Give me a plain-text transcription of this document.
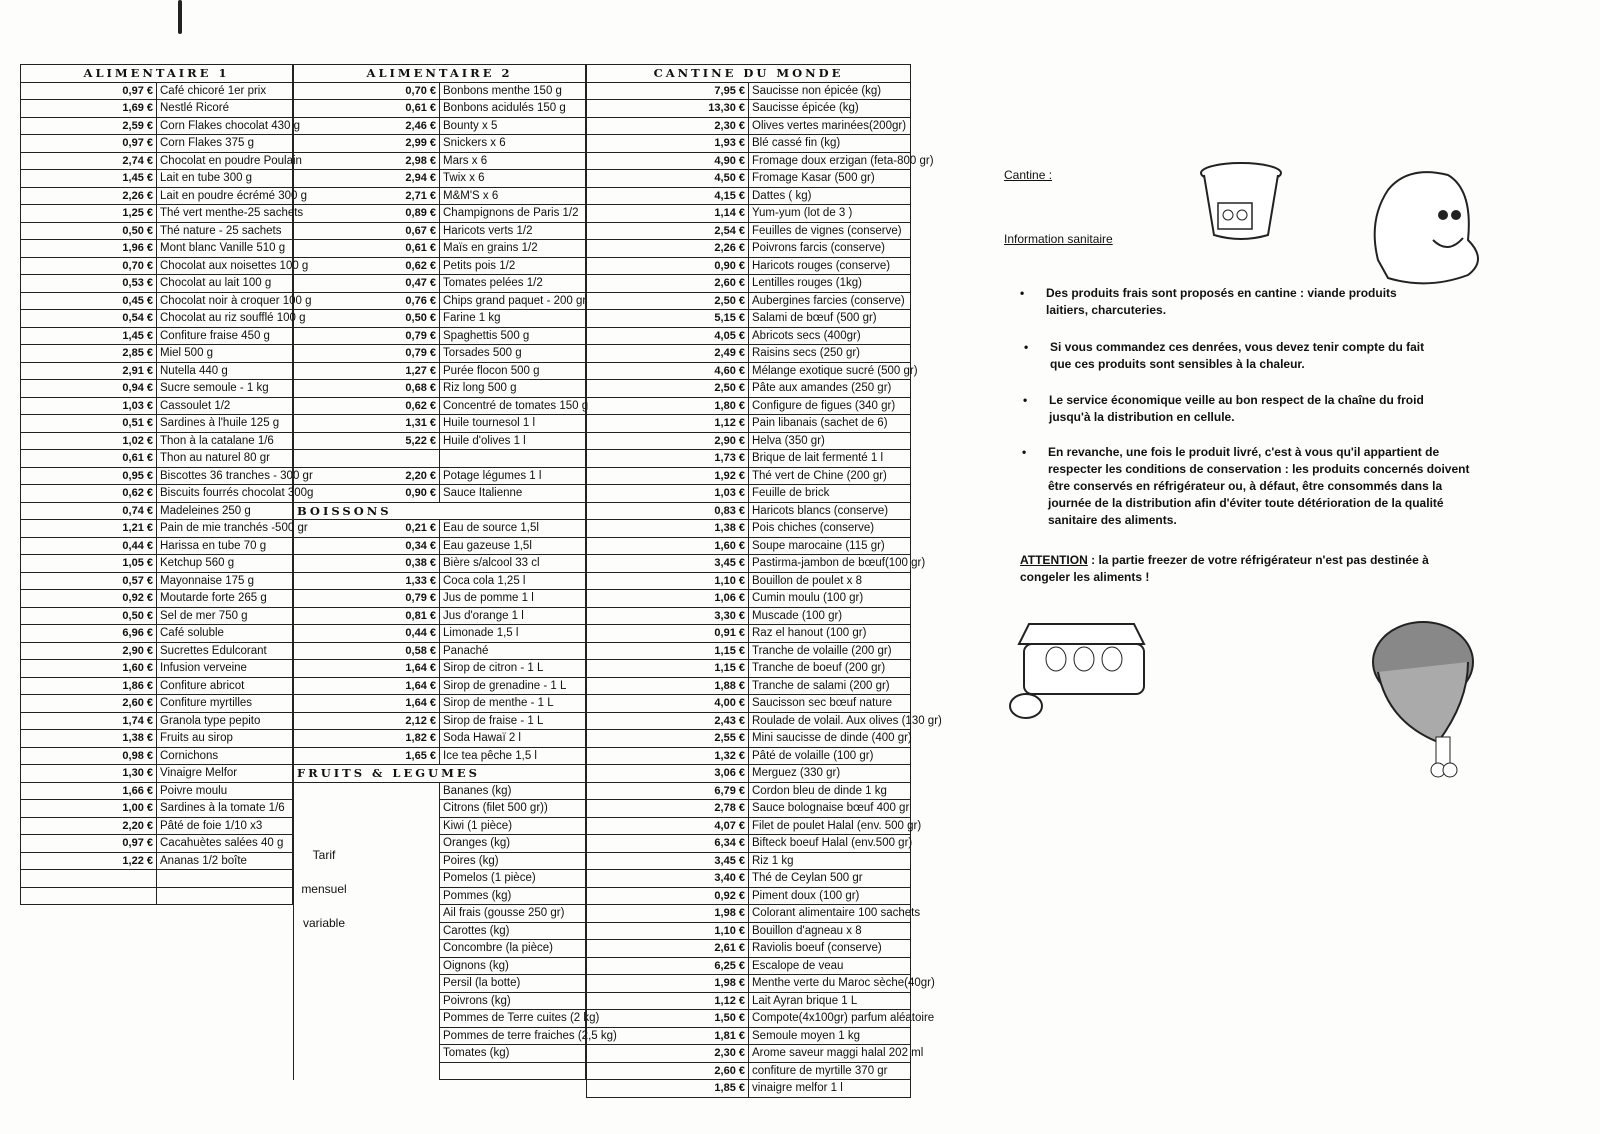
ALIMENTAIRE 1	
0,97 €	Café chicoré 1er prix
1,69 €	Nestlé Ricoré
2,59 €	Corn Flakes chocolat 430 g
0,97 €	Corn Flakes 375 g
2,74 €	Chocolat en poudre Poulain
1,45 €	Lait en tube 300 g
2,26 €	Lait en poudre écrémé 300 g
1,25 €	Thé vert menthe-25 sachets
0,50 €	Thé nature - 25 sachets
1,96 €	Mont blanc Vanille 510 g
0,70 €	Chocolat aux noisettes 100 g
0,53 €	Chocolat au lait 100 g
0,45 €	Chocolat noir à croquer 100 g
0,54 €	Chocolat au riz soufflé 100 g
1,45 €	Confiture fraise 450 g
2,85 €	Miel 500 g
2,91 €	Nutella 440 g
0,94 €	Sucre semoule - 1 kg
1,03 €	Cassoulet 1/2
0,51 €	Sardines à l'huile 125 g
1,02 €	Thon à la catalane 1/6
0,61 €	Thon au naturel 80 gr
0,95 €	Biscottes 36 tranches - 300 gr
0,62 €	Biscuits fourrés chocolat 300g
0,74 €	Madeleines 250 g
1,21 €	Pain de mie tranchés -500 gr
0,44 €	Harissa en tube 70 g
1,05 €	Ketchup 560 g
0,57 €	Mayonnaise 175 g
0,92 €	Moutarde forte 265 g
0,50 €	Sel de mer 750 g
6,96 €	Café soluble
2,90 €	Sucrettes Edulcorant
1,60 €	Infusion verveine
1,86 €	Confiture abricot
2,60 €	Confiture myrtilles
1,74 €	Granola type pepito
1,38 €	Fruits au sirop
0,98 €	Cornichons
1,30 €	Vinaigre Melfor
1,66 €	Poivre moulu
1,00 €	Sardines à la tomate 1/6
2,20 €	Pâté de foie 1/10 x3
0,97 €	Cacahuètes salées 40 g
1,22 €	Ananas 1/2 boîte

ALIMENTAIRE 2	
0,70 €	Bonbons menthe 150 g
0,61 €	Bonbons acidulés 150 g
2,46 €	Bounty x 5
2,99 €	Snickers x 6
2,98 €	Mars x 6
2,94 €	Twix x 6
2,71 €	M&M'S x 6
0,89 €	Champignons de Paris 1/2
0,67 €	Haricots verts 1/2
0,61 €	Maïs en grains 1/2
0,62 €	Petits pois 1/2
0,47 €	Tomates pelées 1/2
0,76 €	Chips grand paquet - 200 gr
0,50 €	Farine 1 kg
0,79 €	Spaghettis 500 g
0,79 €	Torsades 500 g
1,27 €	Purée flocon 500 g
0,68 €	Riz long 500 g
0,62 €	Concentré de tomates 150 g
1,31 €	Huile tournesol 1 l
5,22 €	Huile d'olives 1 l

2,20 €	Potage légumes 1 l
0,90 €	Sauce Italienne
BOISSONS	
0,21 €	Eau de source 1,5l
0,34 €	Eau gazeuse 1,5l
0,38 €	Bière s/alcool 33 cl
1,33 €	Coca cola 1,25 l
0,79 €	Jus de pomme 1 l
0,81 €	Jus d'orange 1 l
0,44 €	Limonade 1,5 l
0,58 €	Panaché
1,64 €	Sirop de citron - 1 L
1,64 €	Sirop de grenadine - 1 L
1,64 €	Sirop de menthe - 1 L
2,12 €	Sirop de fraise - 1 L
1,82 €	Soda Hawaï 2 l
1,65 €	Ice tea pêche 1,5 l
FRUITS & LEGUMES	
	Bananes (kg)
	Citrons (filet 500 gr))
	Kiwi (1 pièce)
	Oranges (kg)
	Poires (kg)
	Pomelos (1 pièce)
	Pommes (kg)
	Ail frais (gousse 250 gr)
	Carottes (kg)
	Concombre (la pièce)
	Oignons (kg)
	Persil (la botte)
	Poivrons (kg)
	Pommes de Terre cuites (2 kg)
	Pommes de terre fraiches (2,5 kg)
	Tomates (kg)

CANTINE DU MONDE	
7,95 €	Saucisse non épicée (kg)
13,30 €	Saucisse épicée (kg)
2,30 €	Olives vertes marinées(200gr)
1,93 €	Blé cassé fin (kg)
4,90 €	Fromage doux erzigan (feta-800 gr)
4,50 €	Fromage Kasar (500 gr)
4,15 €	Dattes ( kg)
1,14 €	Yum-yum (lot de 3 )
2,54 €	Feuilles de vignes (conserve)
2,26 €	Poivrons farcis (conserve)
0,90 €	Haricots rouges (conserve)
2,60 €	Lentilles rouges (1kg)
2,50 €	Aubergines farcies (conserve)
5,15 €	Salami de bœuf (500 gr)
4,05 €	Abricots secs (400gr)
2,49 €	Raisins secs (250 gr)
4,60 €	Mélange exotique sucré (500 gr)
2,50 €	Pâte aux amandes (250 gr)
1,80 €	Configure de figues (340 gr)
1,12 €	Pain libanais (sachet de 6)
2,90 €	Helva (350 gr)
1,73 €	Brique de lait fermenté 1 l
1,92 €	Thé vert de Chine (200 gr)
1,03 €	Feuille de brick
0,83 €	Haricots blancs (conserve)
1,38 €	Pois chiches (conserve)
1,60 €	Soupe marocaine (115 gr)
3,45 €	Pastirma-jambon de bœuf(100 gr)
1,10 €	Bouillon de poulet x 8
1,06 €	Cumin moulu (100 gr)
3,30 €	Muscade (100 gr)
0,91 €	Raz el hanout (100 gr)
1,15 €	Tranche de volaille (200 gr)
1,15 €	Tranche de boeuf (200 gr)
1,88 €	Tranche de salami (200 gr)
4,00 €	Saucisson sec bœuf nature
2,43 €	Roulade de volail. Aux olives (130 gr)
2,55 €	Mini saucisse de dinde (400 gr)
1,32 €	Pâté de volaille (100 gr)
3,06 €	Merguez (330 gr)
6,79 €	Cordon bleu de dinde 1 kg
2,78 €	Sauce bolognaise bœuf 400 gr
4,07 €	Filet de poulet Halal (env. 500 gr)
6,34 €	Bifteck boeuf Halal (env.500 gr)
3,45 €	Riz 1 kg
3,40 €	Thé de Ceylan 500 gr
0,92 €	Piment doux (100 gr)
1,98 €	Colorant alimentaire 100 sachets
1,10 €	Bouillon d'agneau x 8
2,61 €	Raviolis boeuf (conserve)
6,25 €	Escalope de veau
1,98 €	Menthe verte du Maroc sèche(40gr)
1,12 €	Lait Ayran brique 1 L
1,50 €	Compote(4x100gr) parfum aléatoire
1,81 €	Semoule moyen 1 kg
2,30 €	Arome saveur maggi halal 202 ml
2,60 €	confiture de myrtille 370 gr
1,85 €	vinaigre melfor 1 l
Cantine :
Information sanitaire
• Des produits frais sont proposés en cantine : viande produits laitiers, charcuteries.
• Si vous commandez ces denrées, vous devez tenir compte du fait que ces produits sont sensibles à la chaleur.
• Le service économique veille au bon respect de la chaîne du froid jusqu'à la distribution en cellule.
• En revanche, une fois le produit livré, c'est à vous qu'il appartient de respecter les conditions de conservation : les produits concernés doivent être conservés en réfrigérateur ou, à défaut, être consommés dans la journée de la distribution afin d'éviter toute détérioration de la qualité sanitaire des aliments.
ATTENTION : la partie freezer de votre réfrigérateur n'est pas destinée à congeler les aliments !
Tarif
mensuel
variable
